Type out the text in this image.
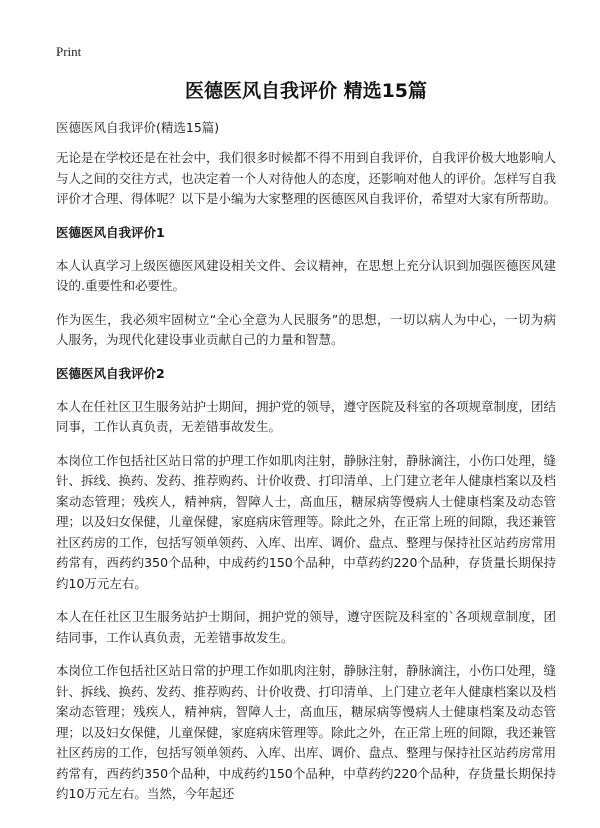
Print
医德医风自我评价 精选15篇

医德医风自我评价(精选15篇)

无论是在学校还是在社会中，我们很多时候都不得不用到自我评价，自我评价极大地影响人与人之间的交往方式，也决定着一个人对待他人的态度，还影响对他人的评价。怎样写自我评价才合理、得体呢？以下是小编为大家整理的医德医风自我评价，希望对大家有所帮助。

医德医风自我评价1

本人认真学习上级医德医风建设相关文件、会议精神，在思想上充分认识到加强医德医风建设的.重要性和必要性。

作为医生，我必须牢固树立“全心全意为人民服务”的思想，一切以病人为中心，一切为病人服务，为现代化建设事业贡献自己的力量和智慧。

医德医风自我评价2

本人在任社区卫生服务站护士期间，拥护党的领导，遵守医院及科室的各项规章制度，团结同事，工作认真负责，无差错事故发生。

本岗位工作包括社区站日常的护理工作如肌肉注射，静脉注射，静脉滴注，小伤口处理，缝针、拆线、换药、发药、推荐购药、计价收费、打印清单、上门建立老年人健康档案以及档案动态管理；残疾人，精神病，智障人士，高血压，糖尿病等慢病人士健康档案及动态管理；以及妇女保健，儿童保健，家庭病床管理等。除此之外，在正常上班的间隙，我还兼管社区药房的工作，包括写领单领药、入库、出库、调价、盘点、整理与保持社区站药房常用药常有，西药约350个品种，中成药约150个品种，中草药约220个品种，存货量长期保持约10万元左右。

本人在任社区卫生服务站护士期间，拥护党的领导，遵守医院及科室的`各项规章制度，团结同事，工作认真负责，无差错事故发生。

本岗位工作包括社区站日常的护理工作如肌肉注射，静脉注射，静脉滴注，小伤口处理，缝针、拆线、换药、发药、推荐购药、计价收费、打印清单、上门建立老年人健康档案以及档案动态管理；残疾人，精神病，智障人士，高血压，糖尿病等慢病人士健康档案及动态管理；以及妇女保健，儿童保健，家庭病床管理等。除此之外，在正常上班的间隙，我还兼管社区药房的工作，包括写领单领药、入库、出库、调价、盘点、整理与保持社区站药房常用药常有，西药约350个品种，中成药约150个品种，中草药约220个品种，存货量长期保持约10万元左右。当然，今年起还
